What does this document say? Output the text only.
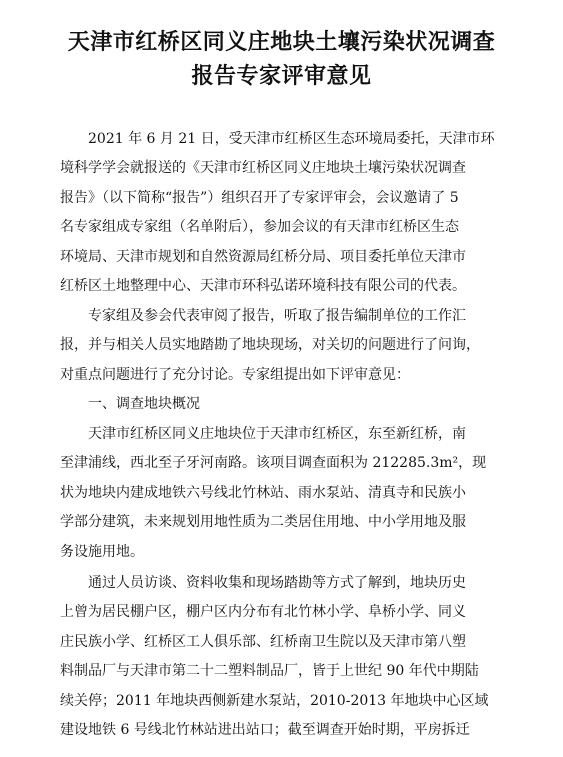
天津市红桥区同义庄地块土壤污染状况调查
报告专家评审意见
2021 年 6 月 21 日，受天津市红桥区生态环境局委托，天津市环
境科学学会就报送的《天津市红桥区同义庄地块土壤污染状况调查
报告》（以下简称“报告”）组织召开了专家评审会，会议邀请了 5
名专家组成专家组（名单附后），参加会议的有天津市红桥区生态
环境局、天津市规划和自然资源局红桥分局、项目委托单位天津市
红桥区土地整理中心、天津市环科弘诺环境科技有限公司的代表。
专家组及参会代表审阅了报告，听取了报告编制单位的工作汇
报，并与相关人员实地踏勘了地块现场，对关切的问题进行了问询，
对重点问题进行了充分讨论。专家组提出如下评审意见：
一、调查地块概况
天津市红桥区同义庄地块位于天津市红桥区，东至新红桥，南
至津浦线，西北至子牙河南路。该项目调查面积为 212285.3m²，现
状为地块内建成地铁六号线北竹林站、雨水泵站、清真寺和民族小
学部分建筑，未来规划用地性质为二类居住用地、中小学用地及服
务设施用地。
通过人员访谈、资料收集和现场踏勘等方式了解到，地块历史
上曾为居民棚户区，棚户区内分布有北竹林小学、阜桥小学、同义
庄民族小学、红桥区工人俱乐部、红桥南卫生院以及天津市第八塑
料制品厂与天津市第二十二塑料制品厂，皆于上世纪 90 年代中期陆
续关停；2011 年地块西侧新建水泵站，2010-2013 年地块中心区域
建设地铁 6 号线北竹林站进出站口；截至调查开始时期，平房拆迁
